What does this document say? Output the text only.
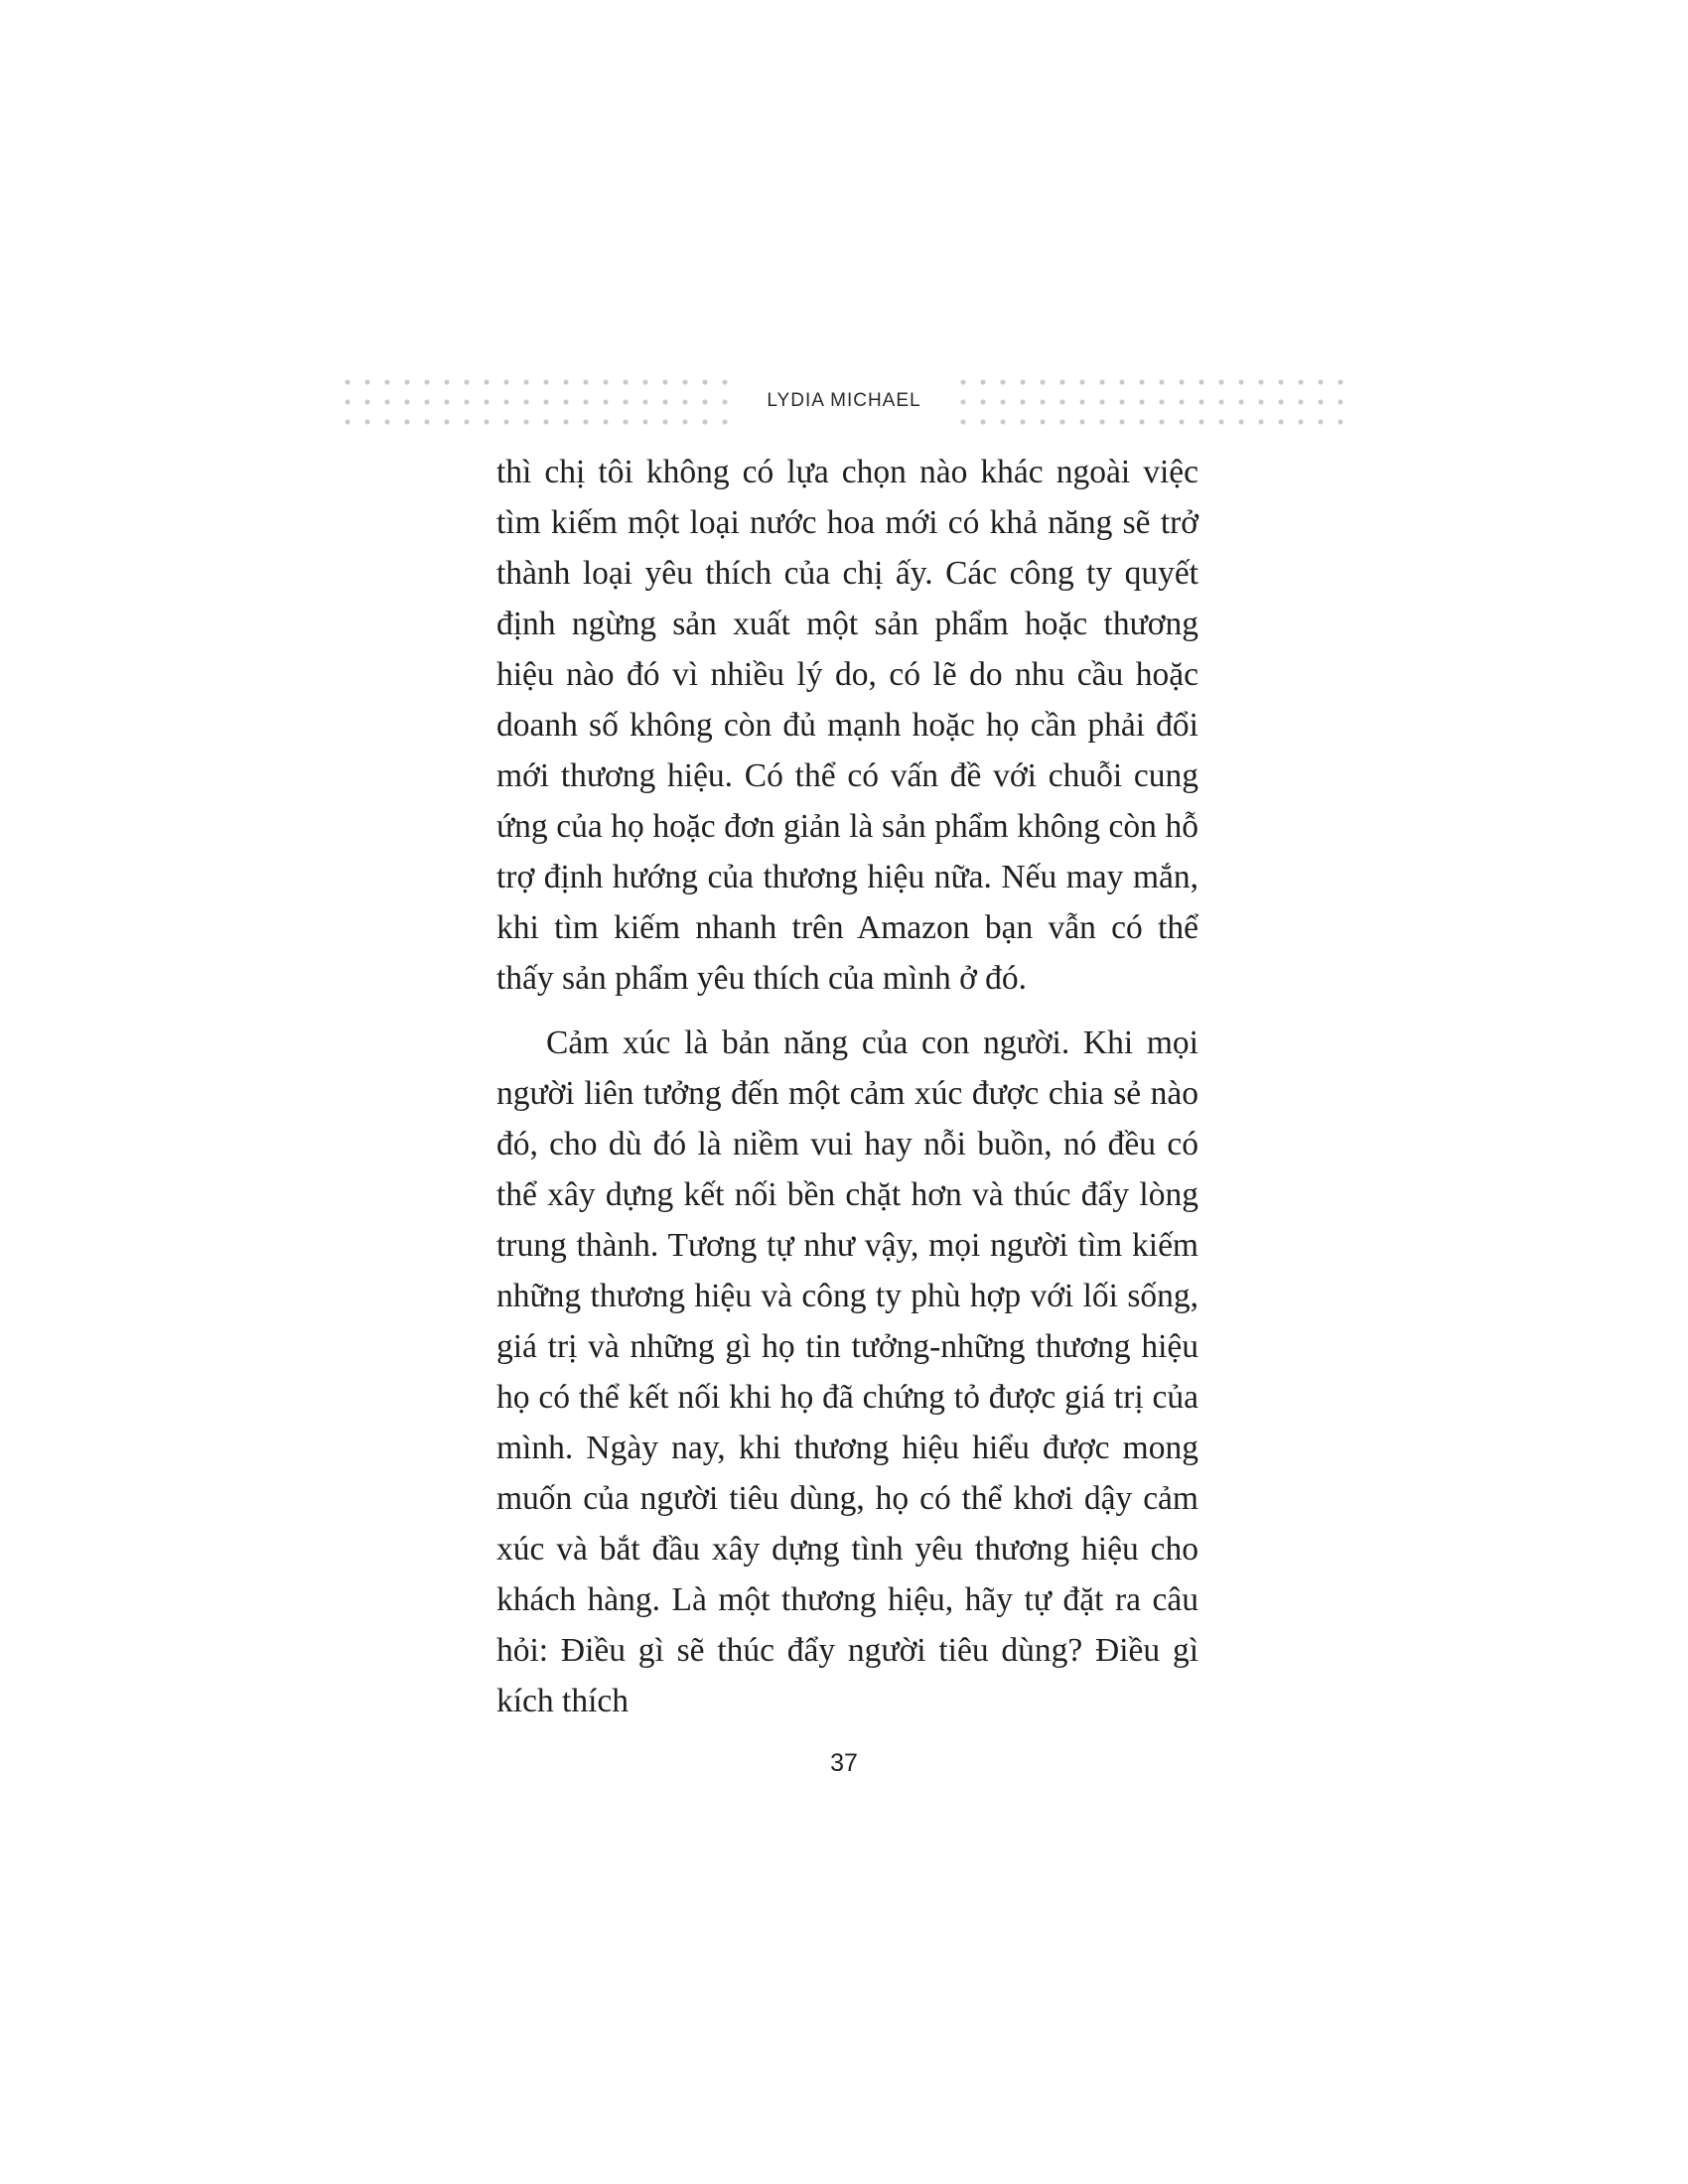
LYDIA MICHAEL

thì chị tôi không có lựa chọn nào khác ngoài việc tìm kiếm một loại nước hoa mới có khả năng sẽ trở thành loại yêu thích của chị ấy. Các công ty quyết định ngừng sản xuất một sản phẩm hoặc thương hiệu nào đó vì nhiều lý do, có lẽ do nhu cầu hoặc doanh số không còn đủ mạnh hoặc họ cần phải đổi mới thương hiệu. Có thể có vấn đề với chuỗi cung ứng của họ hoặc đơn giản là sản phẩm không còn hỗ trợ định hướng của thương hiệu nữa. Nếu may mắn, khi tìm kiếm nhanh trên Amazon bạn vẫn có thể thấy sản phẩm yêu thích của mình ở đó.

Cảm xúc là bản năng của con người. Khi mọi người liên tưởng đến một cảm xúc được chia sẻ nào đó, cho dù đó là niềm vui hay nỗi buồn, nó đều có thể xây dựng kết nối bền chặt hơn và thúc đẩy lòng trung thành. Tương tự như vậy, mọi người tìm kiếm những thương hiệu và công ty phù hợp với lối sống, giá trị và những gì họ tin tưởng-những thương hiệu họ có thể kết nối khi họ đã chứng tỏ được giá trị của mình. Ngày nay, khi thương hiệu hiểu được mong muốn của người tiêu dùng, họ có thể khơi dậy cảm xúc và bắt đầu xây dựng tình yêu thương hiệu cho khách hàng. Là một thương hiệu, hãy tự đặt ra câu hỏi: Điều gì sẽ thúc đẩy người tiêu dùng? Điều gì kích thích

37
